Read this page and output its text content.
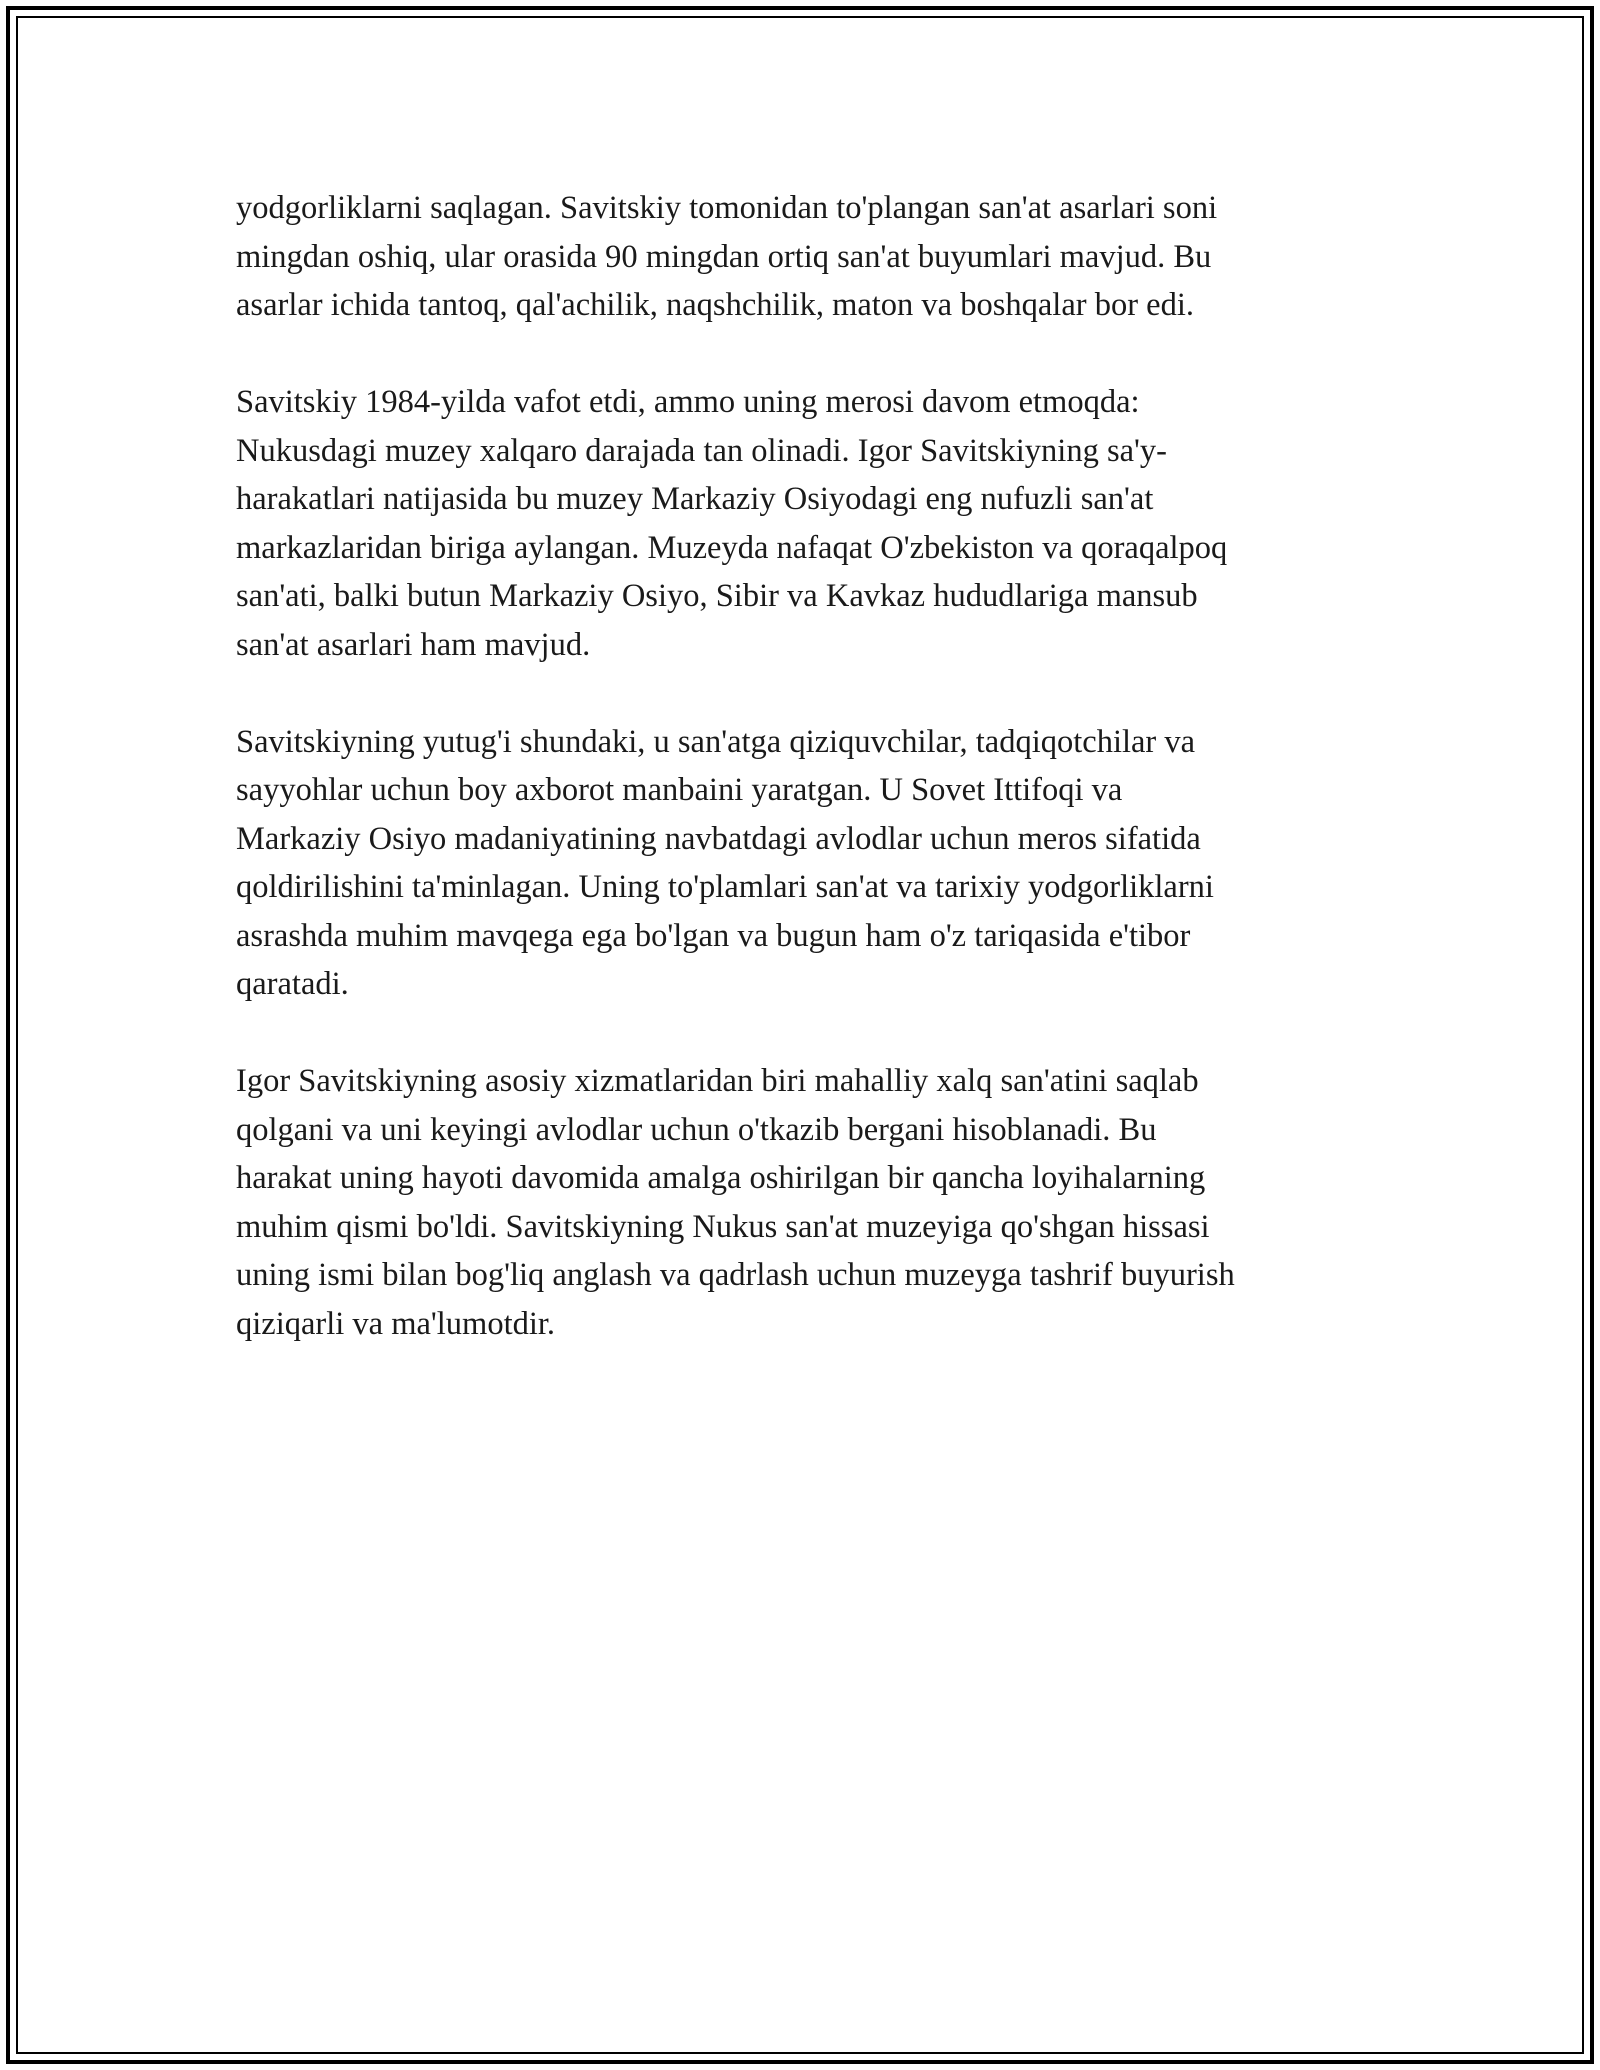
yodgorliklarni saqlagan. Savitskiy tomonidan to'plangan san'at asarlari soni
mingdan oshiq, ular orasida 90 mingdan ortiq san'at buyumlari mavjud. Bu
asarlar ichida tantoq, qal'achilik, naqshchilik, maton va boshqalar bor edi.

Savitskiy 1984-yilda vafot etdi, ammo uning merosi davom etmoqda:
Nukusdagi muzey xalqaro darajada tan olinadi. Igor Savitskiyning sa'y-
harakatlari natijasida bu muzey Markaziy Osiyodagi eng nufuzli san'at
markazlaridan biriga aylangan. Muzeyda nafaqat O'zbekiston va qoraqalpoq
san'ati, balki butun Markaziy Osiyo, Sibir va Kavkaz hududlariga mansub
san'at asarlari ham mavjud.

Savitskiyning yutug'i shundaki, u san'atga qiziquvchilar, tadqiqotchilar va
sayyohlar uchun boy axborot manbaini yaratgan. U Sovet Ittifoqi va
Markaziy Osiyo madaniyatining navbatdagi avlodlar uchun meros sifatida
qoldirilishini ta'minlagan. Uning to'plamlari san'at va tarixiy yodgorliklarni
asrashda muhim mavqega ega bo'lgan va bugun ham o'z tariqasida e'tibor
qaratadi.

Igor Savitskiyning asosiy xizmatlaridan biri mahalliy xalq san'atini saqlab
qolgani va uni keyingi avlodlar uchun o'tkazib bergani hisoblanadi. Bu
harakat uning hayoti davomida amalga oshirilgan bir qancha loyihalarning
muhim qismi bo'ldi. Savitskiyning Nukus san'at muzeyiga qo'shgan hissasi
uning ismi bilan bog'liq anglash va qadrlash uchun muzeyga tashrif buyurish
qiziqarli va ma'lumotdir.
